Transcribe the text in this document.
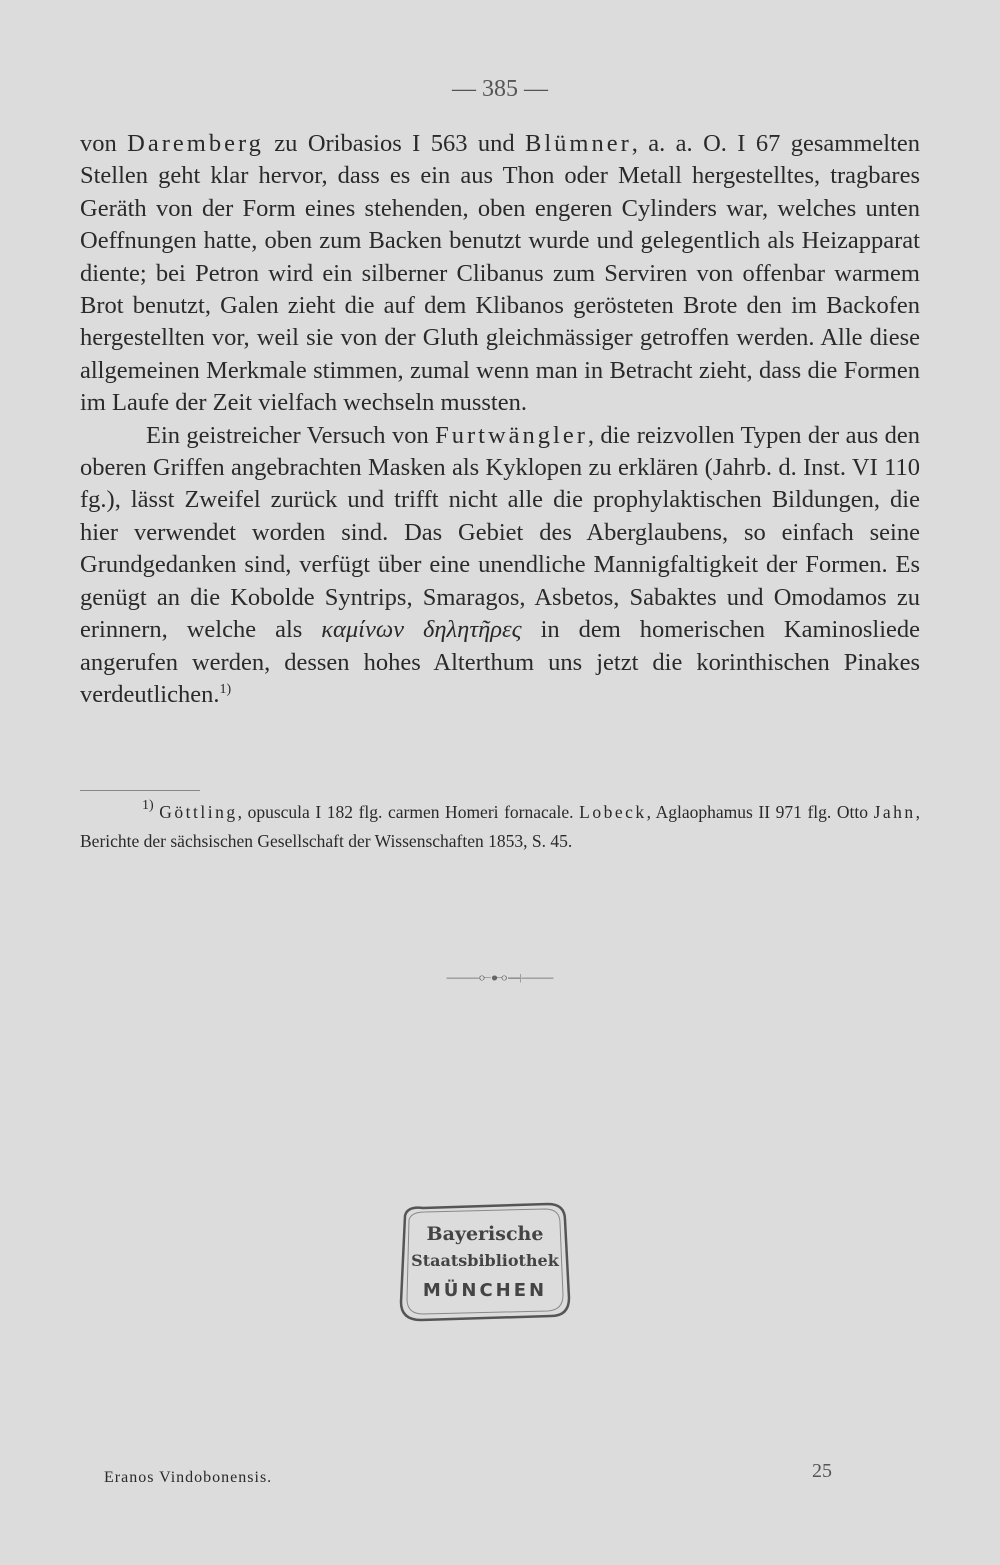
— 385 —

von Daremberg zu Oribasios I 563 und Blümner, a. a. O. I 67 gesammelten Stellen geht klar hervor, dass es ein aus Thon oder Metall hergestelltes, tragbares Geräth von der Form eines stehenden, oben engeren Cylinders war, welches unten Oeffnungen hatte, oben zum Backen benutzt wurde und gelegentlich als Heizapparat diente; bei Petron wird ein silberner Clibanus zum Serviren von offenbar warmem Brot benutzt, Galen zieht die auf dem Klibanos gerösteten Brote den im Backofen hergestellten vor, weil sie von der Gluth gleichmässiger getroffen werden. Alle diese allgemeinen Merkmale stimmen, zumal wenn man in Betracht zieht, dass die Formen im Laufe der Zeit vielfach wechseln mussten.

Ein geistreicher Versuch von Furtwängler, die reizvollen Typen der aus den oberen Griffen angebrachten Masken als Kyklopen zu erklären (Jahrb. d. Inst. VI 110 fg.), lässt Zweifel zurück und trifft nicht alle die prophylaktischen Bildungen, die hier verwendet worden sind. Das Gebiet des Aberglaubens, so einfach seine Grundgedanken sind, verfügt über eine unendliche Mannigfaltigkeit der Formen. Es genügt an die Kobolde Syntrips, Smaragos, Asbetos, Sabaktes und Omodamos zu erinnern, welche als καμίνων δηλητῆρες in dem homerischen Kaminosliede angerufen werden, dessen hohes Alterthum uns jetzt die korinthischen Pinakes verdeutlichen.$^{1)}$

$^{1)}$ Göttling, opuscula I 182 flg. carmen Homeri fornacale. Lobeck, Aglaophamus II 971 flg. Otto Jahn, Berichte der sächsischen Gesellschaft der Wissenschaften 1853, S. 45.
——⟜⊷⟞——
Bayerische
Staatsbibliothek
MÜNCHEN
Eranos Vindobonensis.	25
